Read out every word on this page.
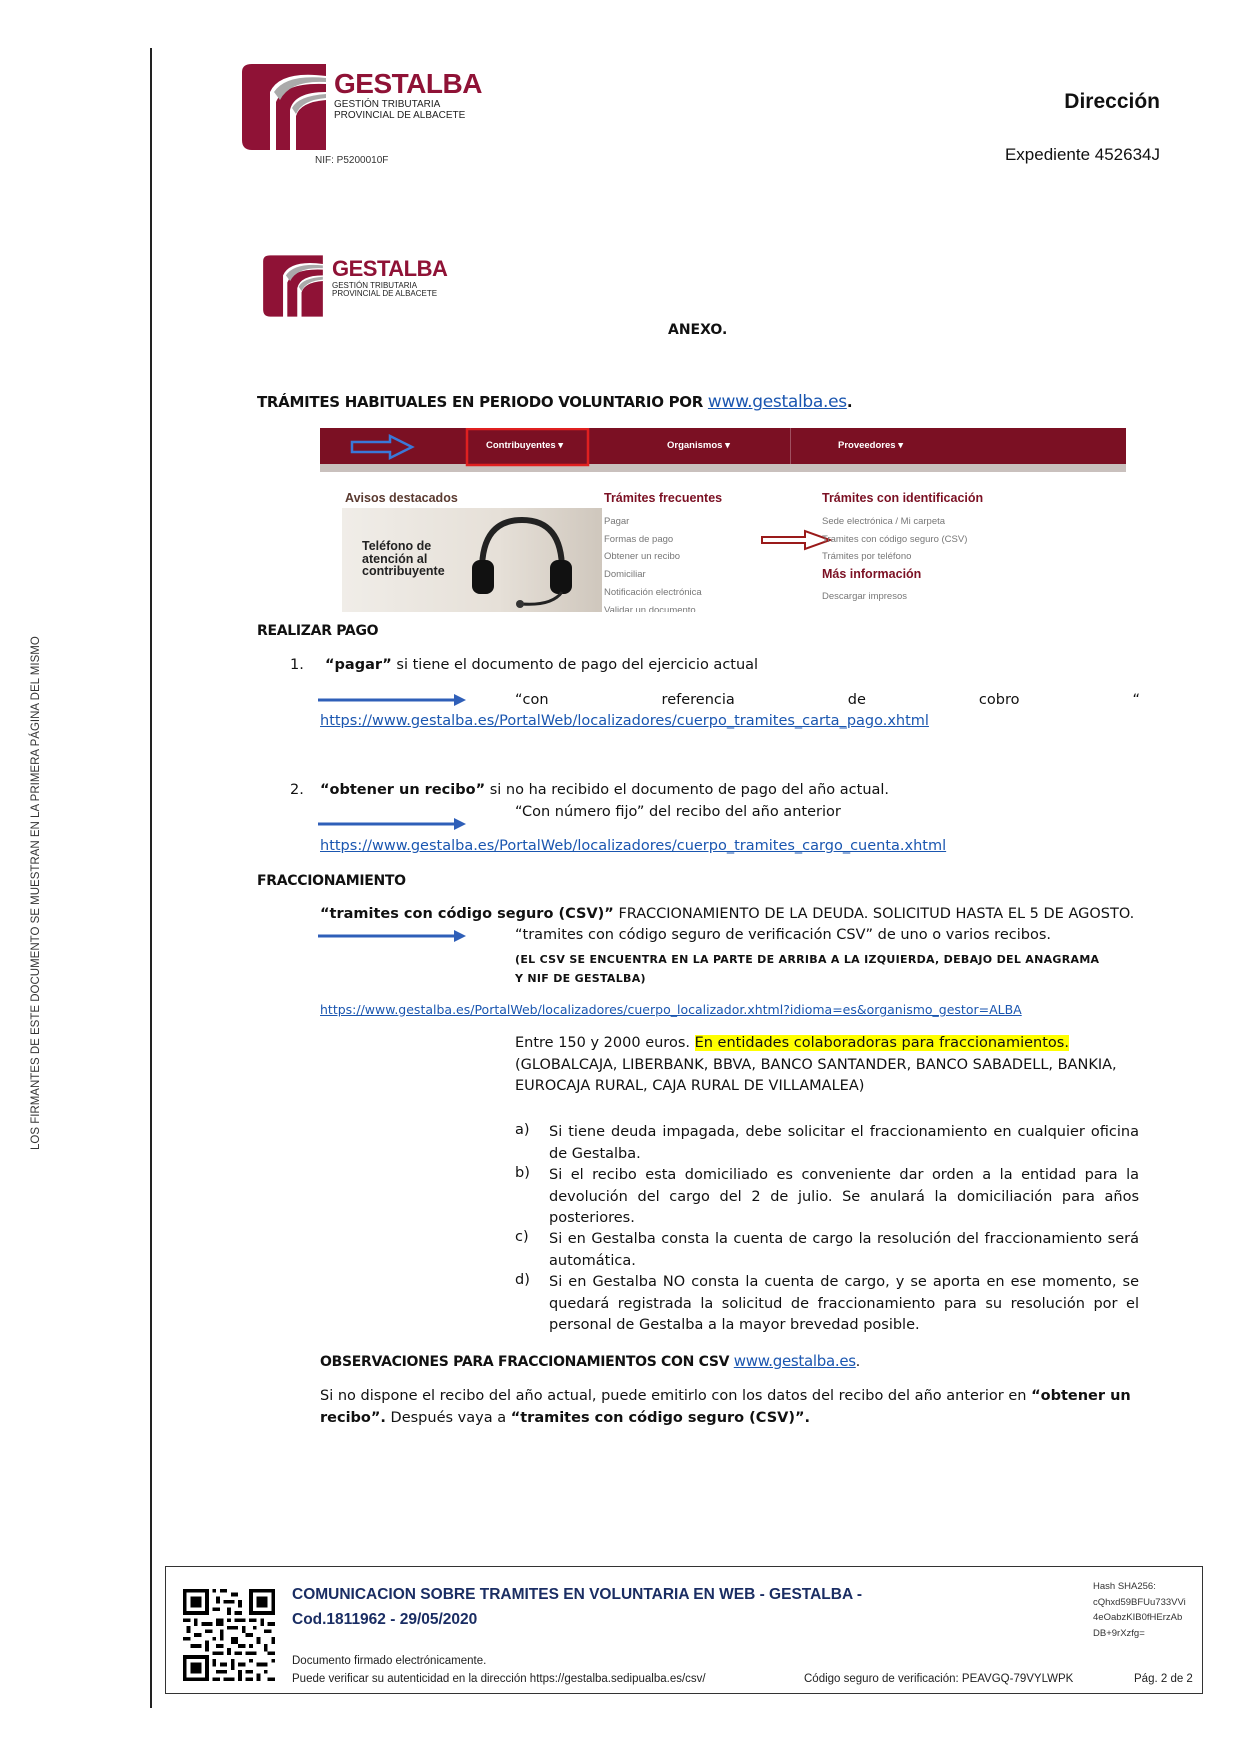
LOS FIRMANTES DE ESTE DOCUMENTO SE MUESTRAN EN LA PRIMERA PÁGINA DEL MISMO
GESTALBA
GESTIÓN TRIBUTARIA
PROVINCIAL DE ALBACETE
NIF: P5200010F
Dirección
Expediente 452634J
GESTALBA
GESTIÓN TRIBUTARIA
PROVINCIAL DE ALBACETE
ANEXO.
TRÁMITES HABITUALES EN PERIODO VOLUNTARIO POR www.gestalba.es.
Contribuyentes ▾	Organismos ▾	Proveedores ▾
Avisos destacados
Teléfono de
atención al
contribuyente
Trámites frecuentes
Pagar
Formas de pago
Obtener un recibo
Domiciliar
Notificación electrónica
Validar un documento
Trámites con identificación
Sede electrónica / Mi carpeta
Tramites con código seguro (CSV)
Trámites por teléfono
Más información
Descargar impresos
REALIZAR PAGO
1. “pagar” si tiene el documento de pago del ejercicio actual
“con	referencia	de	cobro	“
https://www.gestalba.es/PortalWeb/localizadores/cuerpo_tramites_carta_pago.xhtml
2. “obtener un recibo” si no ha recibido el documento de pago del año actual.
“Con número fijo” del recibo del año anterior
https://www.gestalba.es/PortalWeb/localizadores/cuerpo_tramites_cargo_cuenta.xhtml
FRACCIONAMIENTO
“tramites con código seguro (CSV)” FRACCIONAMIENTO DE LA DEUDA. SOLICITUD HASTA EL 5 DE AGOSTO.
“tramites con código seguro de verificación CSV” de uno o varios recibos.
(EL CSV SE ENCUENTRA EN LA PARTE DE ARRIBA A LA IZQUIERDA, DEBAJO DEL ANAGRAMA
Y NIF DE GESTALBA)
https://www.gestalba.es/PortalWeb/localizadores/cuerpo_localizador.xhtml?idioma=es&organismo_gestor=ALBA
Entre 150 y 2000 euros. En entidades colaboradoras para fraccionamientos.
(GLOBALCAJA, LIBERBANK, BBVA, BANCO SANTANDER, BANCO SABADELL, BANKIA,
EUROCAJA RURAL, CAJA RURAL DE VILLAMALEA)
a) Si tiene deuda impagada, debe solicitar el fraccionamiento en cualquier oficina de Gestalba.
b) Si el recibo esta domiciliado es conveniente dar orden a la entidad para la devolución del cargo del 2 de julio. Se anulará la domiciliación para años posteriores.
c) Si en Gestalba consta la cuenta de cargo la resolución del fraccionamiento será automática.
d) Si en Gestalba NO consta la cuenta de cargo, y se aporta en ese momento, se quedará registrada la solicitud de fraccionamiento para su resolución por el personal de Gestalba a la mayor brevedad posible.
OBSERVACIONES PARA FRACCIONAMIENTOS CON CSV www.gestalba.es.
Si no dispone el recibo del año actual, puede emitirlo con los datos del recibo del año anterior en “obtener un recibo”. Después vaya a “tramites con código seguro (CSV)”.
COMUNICACION SOBRE TRAMITES EN VOLUNTARIA EN WEB - GESTALBA -
Cod.1811962 - 29/05/2020
Hash SHA256:
cQhxd59BFUu733VVi
4eOabzKIB0fHErzAb
DB+9rXzfg=
Documento firmado electrónicamente.
Puede verificar su autenticidad en la dirección https://gestalba.sedipualba.es/csv/	Código seguro de verificación: PEAVGQ-79VYLWPK	Pág. 2 de 2
